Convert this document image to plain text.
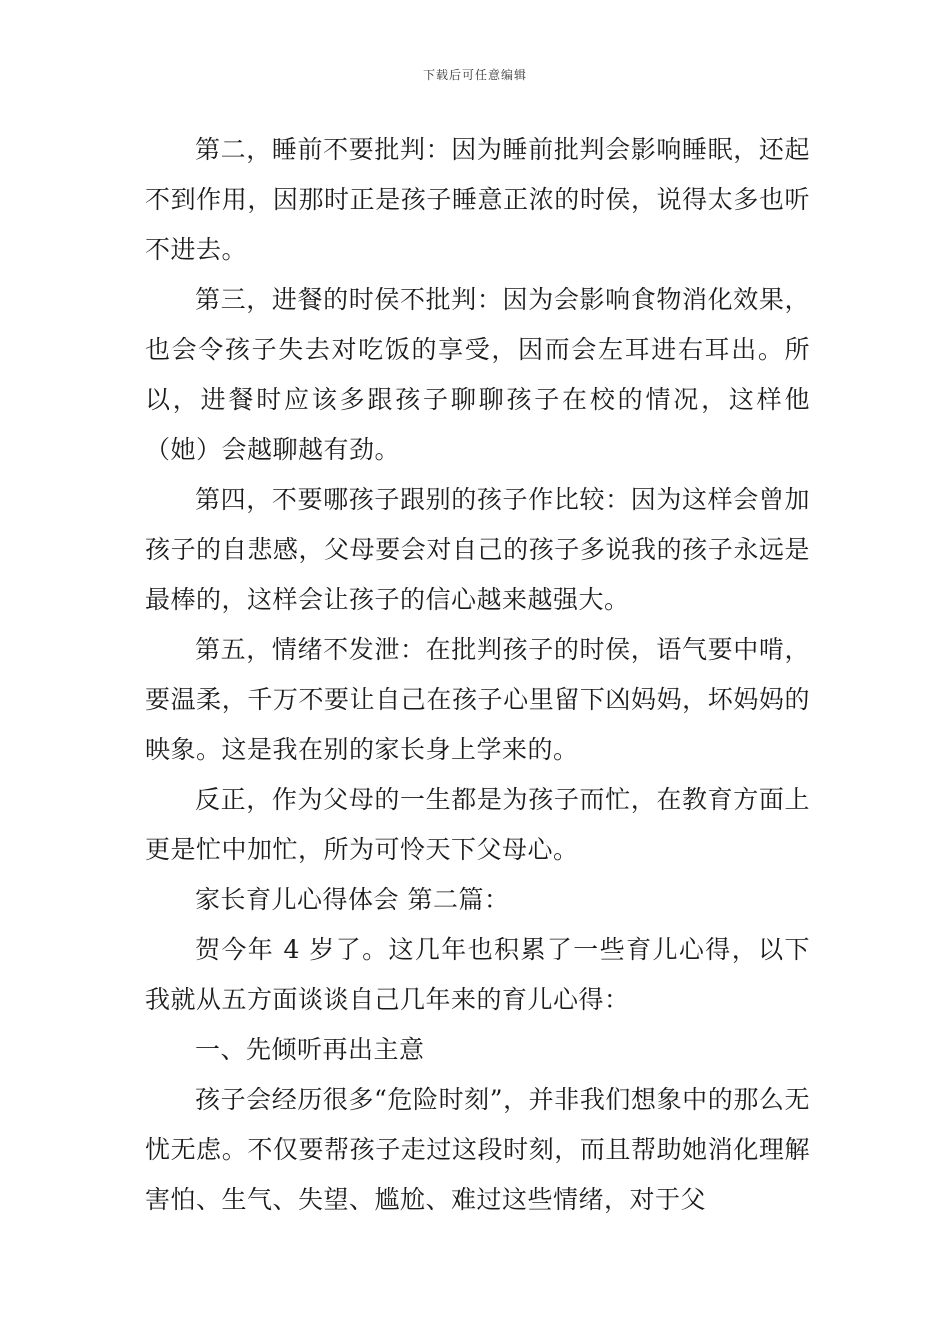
下载后可任意编辑

第二，睡前不要批判：因为睡前批判会影响睡眠，还起不到作用，因那时正是孩子睡意正浓的时侯，说得太多也听不进去。

第三，进餐的时侯不批判：因为会影响食物消化效果，也会令孩子失去对吃饭的享受，因而会左耳进右耳出。所以，进餐时应该多跟孩子聊聊孩子在校的情况，这样他（她）会越聊越有劲。

第四，不要哪孩子跟别的孩子作比较：因为这样会曾加孩子的自悲感，父母要会对自己的孩子多说我的孩子永远是最棒的，这样会让孩子的信心越来越强大。

第五，情绪不发泄：在批判孩子的时侯，语气要中啃，要温柔，千万不要让自己在孩子心里留下凶妈妈，坏妈妈的映象。这是我在别的家长身上学来的。

反正，作为父母的一生都是为孩子而忙，在教育方面上更是忙中加忙，所为可怜天下父母心。

家长育儿心得体会 第二篇：

贺今年 4 岁了。这几年也积累了一些育儿心得，以下我就从五方面谈谈自己几年来的育儿心得：

一、先倾听再出主意

孩子会经历很多“危险时刻”，并非我们想象中的那么无忧无虑。不仅要帮孩子走过这段时刻，而且帮助她消化理解害怕、生气、失望、尴尬、难过这些情绪，对于父
